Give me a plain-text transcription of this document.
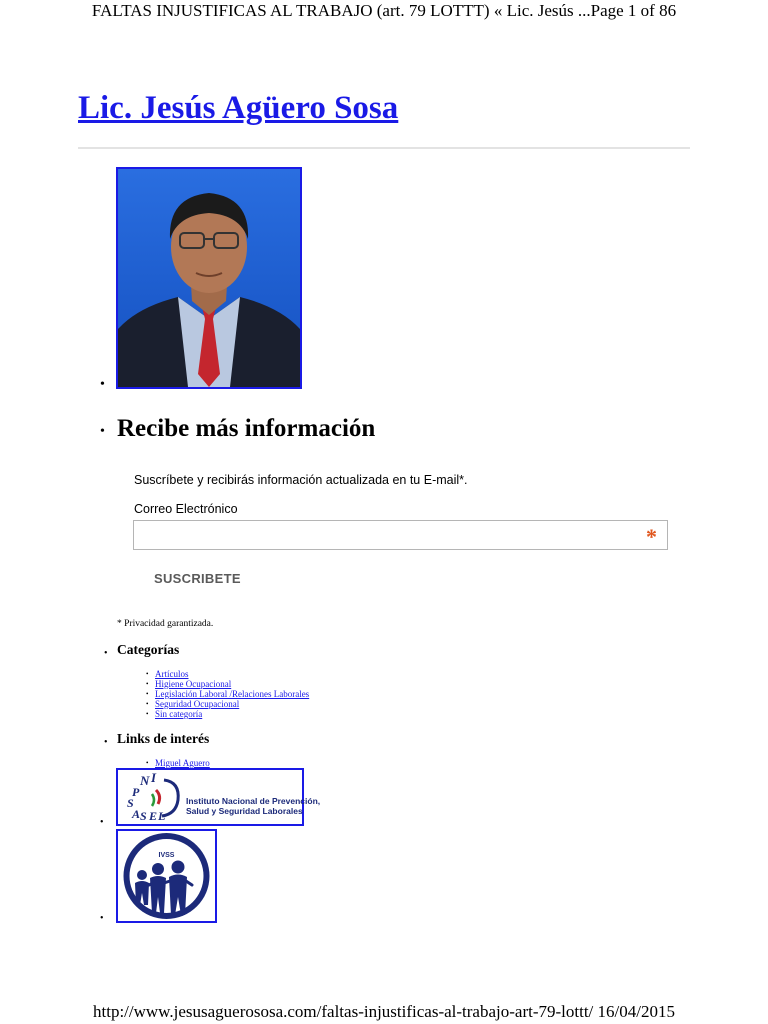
FALTAS INJUSTIFICAS AL TRABAJO (art. 79 LOTTT) « Lic. Jesús ...Page 1 of 86
Lic. Jesús Agüero Sosa
•
• Recibe más información
Suscríbete y recibirás información actualizada en tu E-mail*.
Correo Electrónico
*
SUSCRIBETE
* Privacidad garantizada.
• Categorías
• Artículos
• Higiene Ocupacional
• Legislación Laboral /Relaciones Laborales
• Seguridad Ocupacional
• Sin categoría
• Links de interés
• Miguel Aguero
•
N I
P
S
A S E L
Instituto Nacional de Prevención,
Salud y Seguridad Laborales
•
IVSS
http://www.jesusaguerososa.com/faltas-injustificas-al-trabajo-art-79-lottt/ 16/04/2015
